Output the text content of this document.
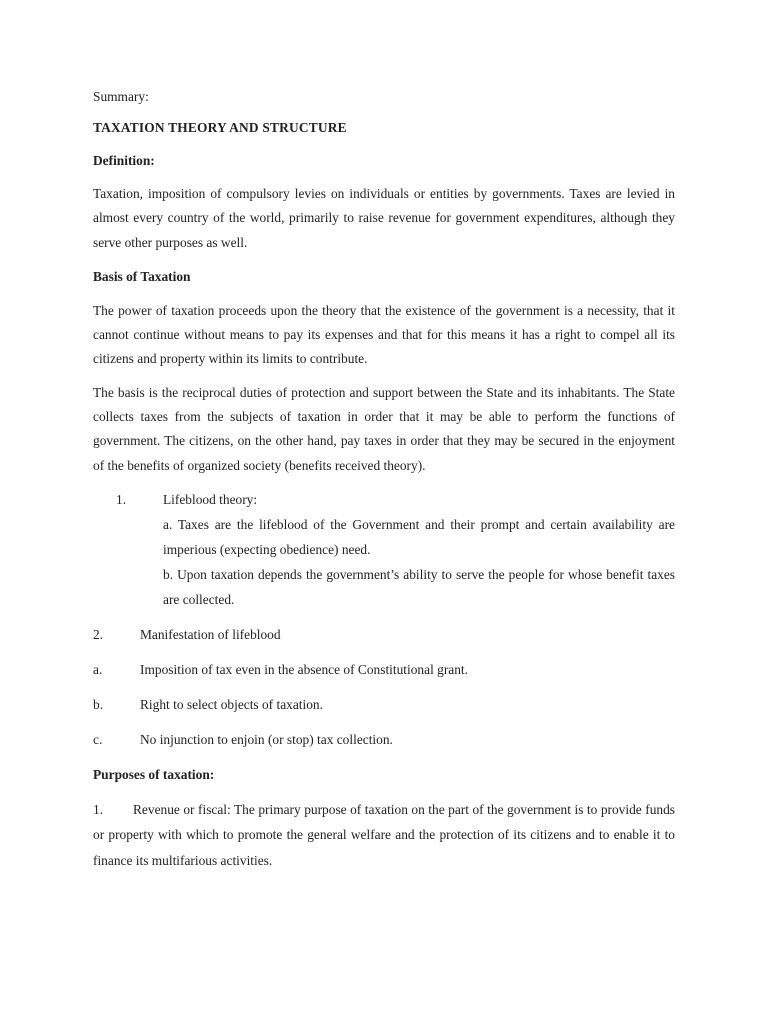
Summary:

TAXATION THEORY AND STRUCTURE

Definition:

Taxation, imposition of compulsory levies on individuals or entities by governments. Taxes are levied in almost every country of the world, primarily to raise revenue for government expenditures, although they serve other purposes as well.

Basis of Taxation

The power of taxation proceeds upon the theory that the existence of the government is a necessity, that it cannot continue without means to pay its expenses and that for this means it has a right to compel all its citizens and property within its limits to contribute.

The basis is the reciprocal duties of protection and support between the State and its inhabitants. The State collects taxes from the subjects of taxation in order that it may be able to perform the functions of government. The citizens, on the other hand, pay taxes in order that they may be secured in the enjoyment of the benefits of organized society (benefits received theory).

1.	Lifeblood theory:

a. Taxes are the lifeblood of the Government and their prompt and certain availability are imperious (expecting obedience) need.

b. Upon taxation depends the government’s ability to serve the people for whose benefit taxes are collected.

2.	Manifestation of lifeblood
a.	Imposition of tax even in the absence of Constitutional grant.
b.	Right to select objects of taxation.
c.	No injunction to enjoin (or stop) tax collection.

Purposes of taxation:

1. Revenue or fiscal: The primary purpose of taxation on the part of the government is to provide funds or property with which to promote the general welfare and the protection of its citizens and to enable it to finance its multifarious activities.
